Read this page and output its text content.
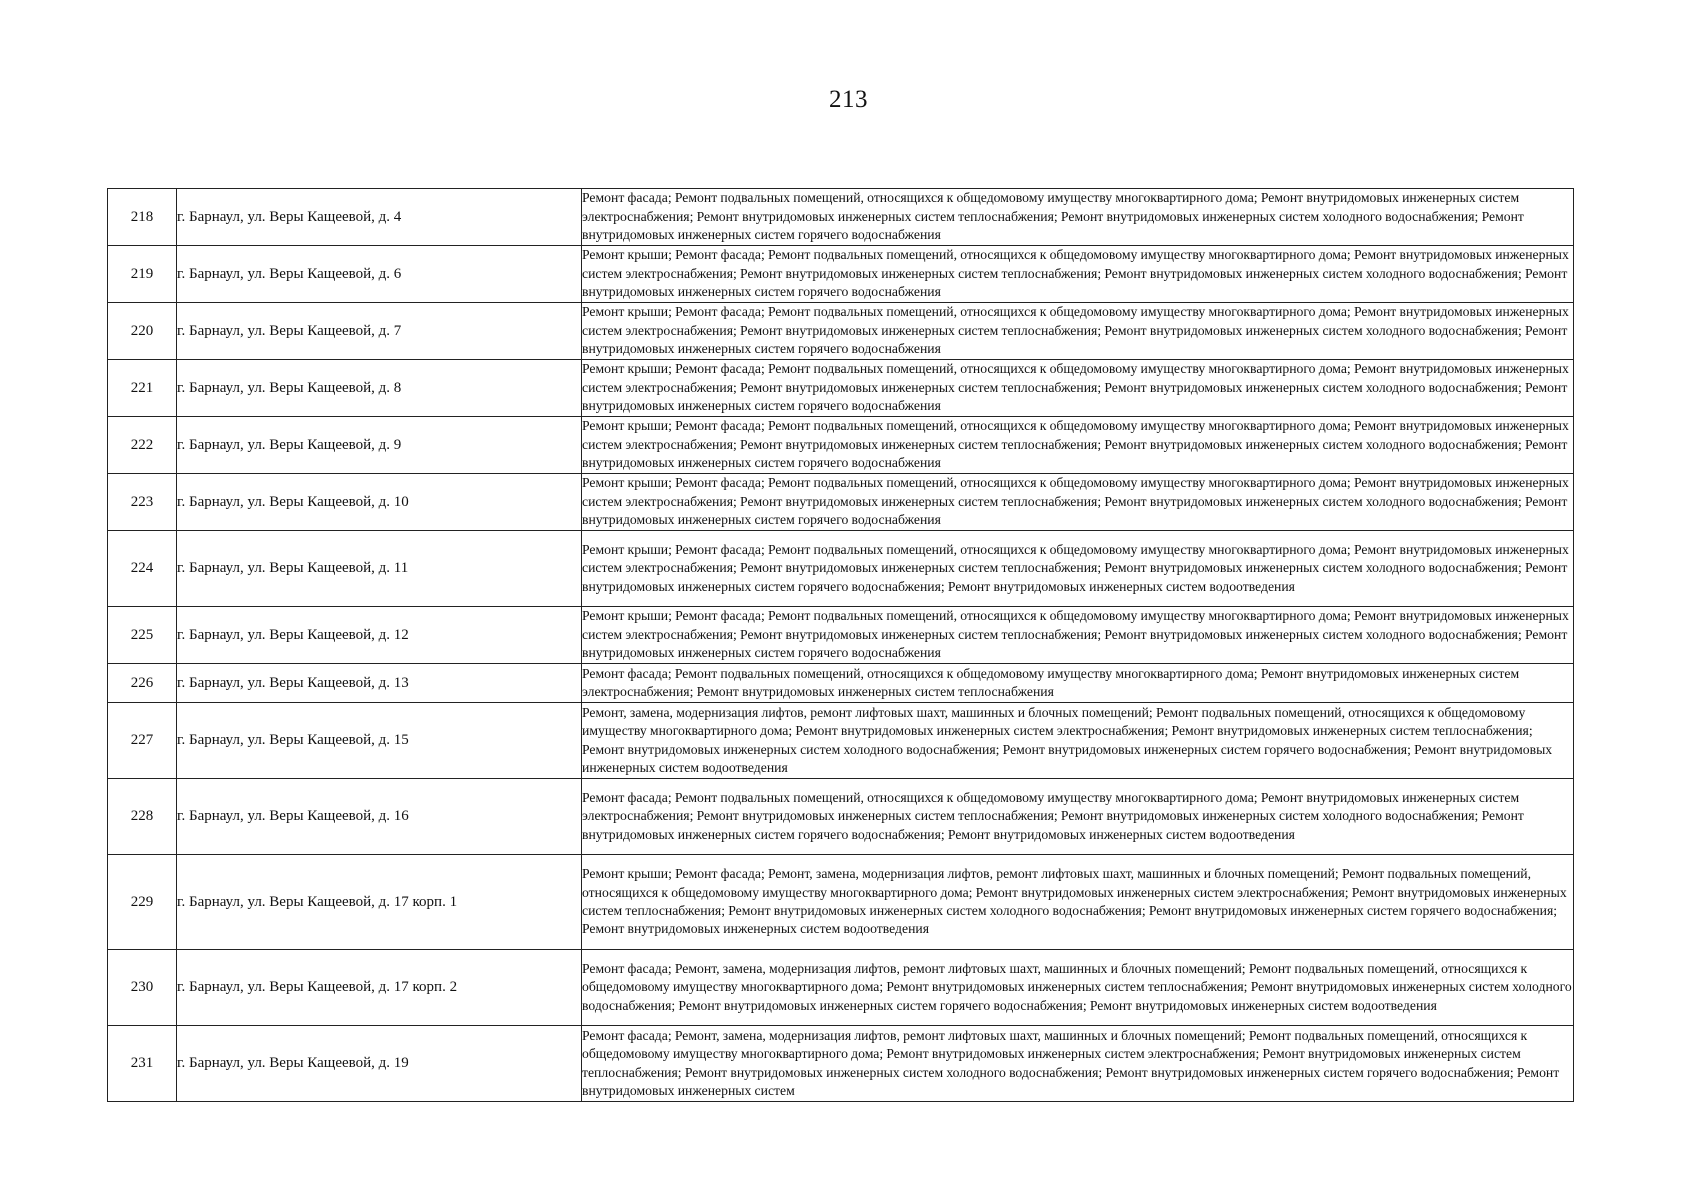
213
218	г. Барнаул, ул. Веры Кащеевой, д. 4	Ремонт фасада; Ремонт подвальных помещений, относящихся к общедомовому имуществу многоквартирного дома; Ремонт внутридомовых инженерных систем электроснабжения; Ремонт внутридомовых инженерных систем теплоснабжения; Ремонт внутридомовых инженерных систем холодного водоснабжения; Ремонт внутридомовых инженерных систем горячего водоснабжения
219	г. Барнаул, ул. Веры Кащеевой, д. 6	Ремонт крыши; Ремонт фасада; Ремонт подвальных помещений, относящихся к общедомовому имуществу многоквартирного дома; Ремонт внутридомовых инженерных систем электроснабжения; Ремонт внутридомовых инженерных систем теплоснабжения; Ремонт внутридомовых инженерных систем холодного водоснабжения; Ремонт внутридомовых инженерных систем горячего водоснабжения
220	г. Барнаул, ул. Веры Кащеевой, д. 7	Ремонт крыши; Ремонт фасада; Ремонт подвальных помещений, относящихся к общедомовому имуществу многоквартирного дома; Ремонт внутридомовых инженерных систем электроснабжения; Ремонт внутридомовых инженерных систем теплоснабжения; Ремонт внутридомовых инженерных систем холодного водоснабжения; Ремонт внутридомовых инженерных систем горячего водоснабжения
221	г. Барнаул, ул. Веры Кащеевой, д. 8	Ремонт крыши; Ремонт фасада; Ремонт подвальных помещений, относящихся к общедомовому имуществу многоквартирного дома; Ремонт внутридомовых инженерных систем электроснабжения; Ремонт внутридомовых инженерных систем теплоснабжения; Ремонт внутридомовых инженерных систем холодного водоснабжения; Ремонт внутридомовых инженерных систем горячего водоснабжения
222	г. Барнаул, ул. Веры Кащеевой, д. 9	Ремонт крыши; Ремонт фасада; Ремонт подвальных помещений, относящихся к общедомовому имуществу многоквартирного дома; Ремонт внутридомовых инженерных систем электроснабжения; Ремонт внутридомовых инженерных систем теплоснабжения; Ремонт внутридомовых инженерных систем холодного водоснабжения; Ремонт внутридомовых инженерных систем горячего водоснабжения
223	г. Барнаул, ул. Веры Кащеевой, д. 10	Ремонт крыши; Ремонт фасада; Ремонт подвальных помещений, относящихся к общедомовому имуществу многоквартирного дома; Ремонт внутридомовых инженерных систем электроснабжения; Ремонт внутридомовых инженерных систем теплоснабжения; Ремонт внутридомовых инженерных систем холодного водоснабжения; Ремонт внутридомовых инженерных систем горячего водоснабжения
224	г. Барнаул, ул. Веры Кащеевой, д. 11	Ремонт крыши; Ремонт фасада; Ремонт подвальных помещений, относящихся к общедомовому имуществу многоквартирного дома; Ремонт внутридомовых инженерных систем электроснабжения; Ремонт внутридомовых инженерных систем теплоснабжения; Ремонт внутридомовых инженерных систем холодного водоснабжения; Ремонт внутридомовых инженерных систем горячего водоснабжения; Ремонт внутридомовых инженерных систем водоотведения
225	г. Барнаул, ул. Веры Кащеевой, д. 12	Ремонт крыши; Ремонт фасада; Ремонт подвальных помещений, относящихся к общедомовому имуществу многоквартирного дома; Ремонт внутридомовых инженерных систем электроснабжения; Ремонт внутридомовых инженерных систем теплоснабжения; Ремонт внутридомовых инженерных систем холодного водоснабжения; Ремонт внутридомовых инженерных систем горячего водоснабжения
226	г. Барнаул, ул. Веры Кащеевой, д. 13	Ремонт фасада; Ремонт подвальных помещений, относящихся к общедомовому имуществу многоквартирного дома; Ремонт внутридомовых инженерных систем электроснабжения; Ремонт внутридомовых инженерных систем теплоснабжения
227	г. Барнаул, ул. Веры Кащеевой, д. 15	Ремонт, замена, модернизация лифтов, ремонт лифтовых шахт, машинных и блочных помещений; Ремонт подвальных помещений, относящихся к общедомовому имуществу многоквартирного дома; Ремонт внутридомовых инженерных систем электроснабжения; Ремонт внутридомовых инженерных систем теплоснабжения; Ремонт внутридомовых инженерных систем холодного водоснабжения; Ремонт внутридомовых инженерных систем горячего водоснабжения; Ремонт внутридомовых инженерных систем водоотведения
228	г. Барнаул, ул. Веры Кащеевой, д. 16	Ремонт фасада; Ремонт подвальных помещений, относящихся к общедомовому имуществу многоквартирного дома; Ремонт внутридомовых инженерных систем электроснабжения; Ремонт внутридомовых инженерных систем теплоснабжения; Ремонт внутридомовых инженерных систем холодного водоснабжения; Ремонт внутридомовых инженерных систем горячего водоснабжения; Ремонт внутридомовых инженерных систем водоотведения
229	г. Барнаул, ул. Веры Кащеевой, д. 17 корп. 1	Ремонт крыши; Ремонт фасада; Ремонт, замена, модернизация лифтов, ремонт лифтовых шахт, машинных и блочных помещений; Ремонт подвальных помещений, относящихся к общедомовому имуществу многоквартирного дома; Ремонт внутридомовых инженерных систем электроснабжения; Ремонт внутридомовых инженерных систем теплоснабжения; Ремонт внутридомовых инженерных систем холодного водоснабжения; Ремонт внутридомовых инженерных систем горячего водоснабжения; Ремонт внутридомовых инженерных систем водоотведения
230	г. Барнаул, ул. Веры Кащеевой, д. 17 корп. 2	Ремонт фасада; Ремонт, замена, модернизация лифтов, ремонт лифтовых шахт, машинных и блочных помещений; Ремонт подвальных помещений, относящихся к общедомовому имуществу многоквартирного дома; Ремонт внутридомовых инженерных систем теплоснабжения; Ремонт внутридомовых инженерных систем холодного водоснабжения; Ремонт внутридомовых инженерных систем горячего водоснабжения; Ремонт внутридомовых инженерных систем водоотведения
231	г. Барнаул, ул. Веры Кащеевой, д. 19	Ремонт фасада; Ремонт, замена, модернизация лифтов, ремонт лифтовых шахт, машинных и блочных помещений; Ремонт подвальных помещений, относящихся к общедомовому имуществу многоквартирного дома; Ремонт внутридомовых инженерных систем электроснабжения; Ремонт внутридомовых инженерных систем теплоснабжения; Ремонт внутридомовых инженерных систем холодного водоснабжения; Ремонт внутридомовых инженерных систем горячего водоснабжения; Ремонт внутридомовых инженерных систем
